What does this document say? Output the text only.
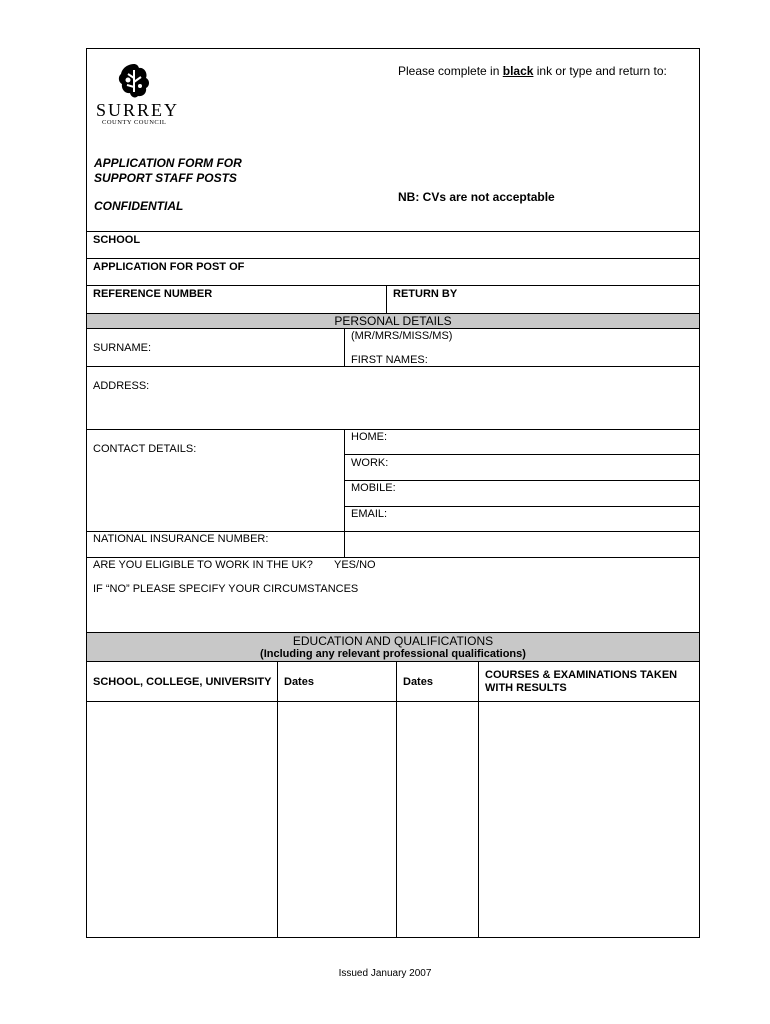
SURREY
COUNTY COUNCIL
Please complete in black ink or type and return to:
APPLICATION FORM FOR
SUPPORT STAFF POSTS
CONFIDENTIAL
NB: CVs are not acceptable
SCHOOL
APPLICATION FOR POST OF
REFERENCE NUMBER	RETURN BY
PERSONAL DETAILS
(MR/MRS/MISS/MS)
SURNAME:
FIRST NAMES:
ADDRESS:
CONTACT DETAILS:
HOME:
WORK:
MOBILE:
EMAIL:
NATIONAL INSURANCE NUMBER:
ARE YOU ELIGIBLE TO WORK IN THE UK? YES/NO
IF “NO” PLEASE SPECIFY YOUR CIRCUMSTANCES
EDUCATION AND QUALIFICATIONS
(Including any relevant professional qualifications)
SCHOOL, COLLEGE, UNIVERSITY Dates	Dates
COURSES & EXAMINATIONS TAKEN WITH RESULTS
Issued January 2007
